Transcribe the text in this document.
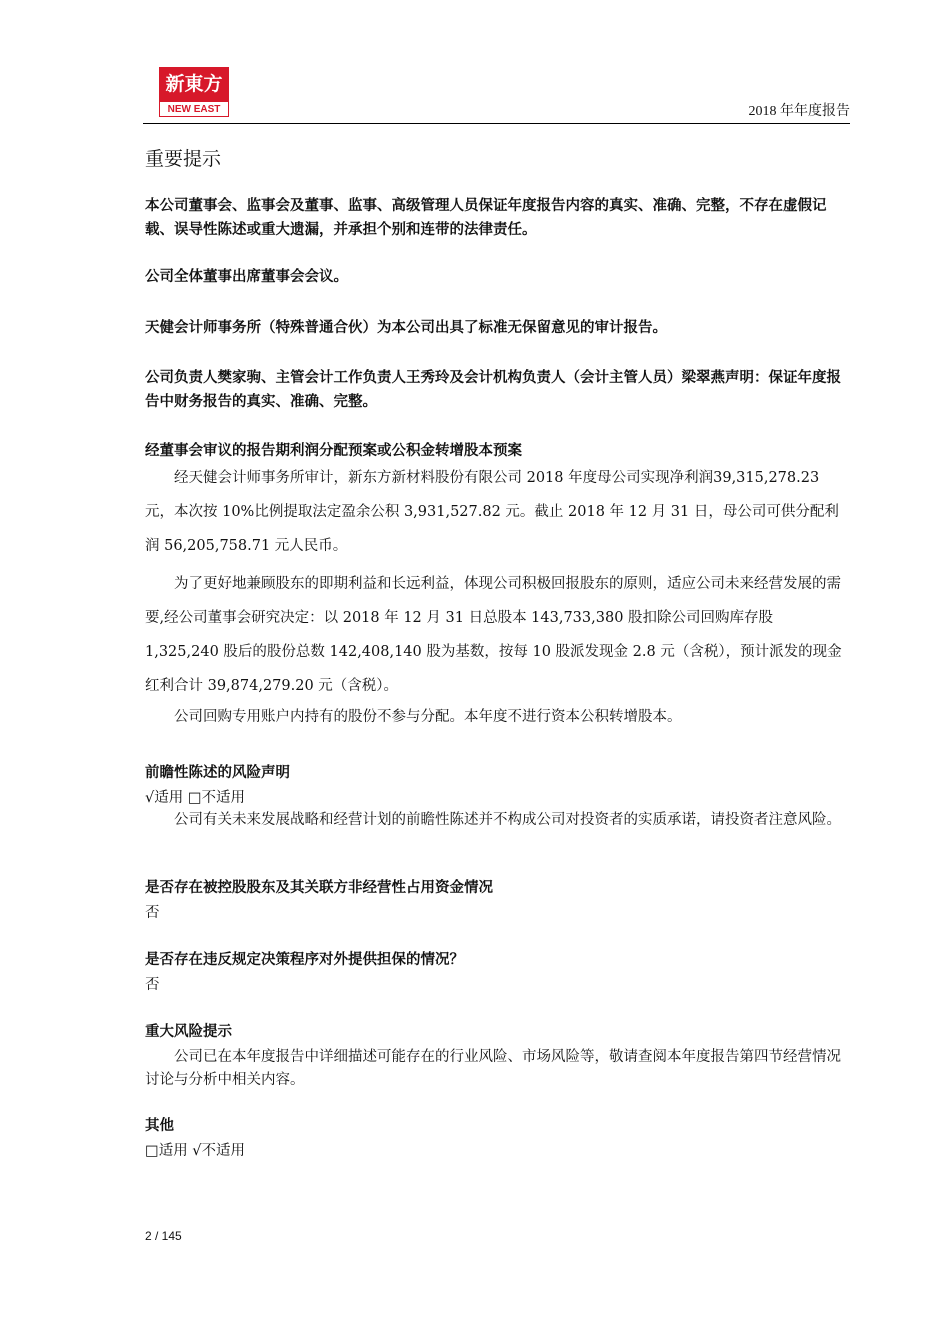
新東方
NEW EAST	2018 年年度报告
重要提示
本公司董事会、监事会及董事、监事、高级管理人员保证年度报告内容的真实、准确、完整，不存在虚假记载、误导性陈述或重大遗漏，并承担个别和连带的法律责任。
公司全体董事出席董事会会议。
天健会计师事务所（特殊普通合伙）为本公司出具了标准无保留意见的审计报告。
公司负责人樊家驹、主管会计工作负责人王秀玲及会计机构负责人（会计主管人员）梁翠燕声明：保证年度报告中财务报告的真实、准确、完整。
经董事会审议的报告期利润分配预案或公积金转增股本预案
经天健会计师事务所审计，新东方新材料股份有限公司 2018 年度母公司实现净利润39,315,278.23 元，本次按 10%比例提取法定盈余公积 3,931,527.82 元。截止 2018 年 12 月 31 日，母公司可供分配利润 56,205,758.71 元人民币。
为了更好地兼顾股东的即期利益和长远利益，体现公司积极回报股东的原则，适应公司未来经营发展的需要,经公司董事会研究决定：以 2018 年 12 月 31 日总股本 143,733,380 股扣除公司回购库存股 1,325,240 股后的股份总数 142,408,140 股为基数，按每 10 股派发现金 2.8 元（含税），预计派发的现金红利合计 39,874,279.20 元（含税）。
公司回购专用账户内持有的股份不参与分配。本年度不进行资本公积转增股本。
前瞻性陈述的风险声明
√适用 □不适用
公司有关未来发展战略和经营计划的前瞻性陈述并不构成公司对投资者的实质承诺，请投资者注意风险。
是否存在被控股股东及其关联方非经营性占用资金情况
否
是否存在违反规定决策程序对外提供担保的情况？
否
重大风险提示
公司已在本年度报告中详细描述可能存在的行业风险、市场风险等，敬请查阅本年度报告第四节经营情况讨论与分析中相关内容。
其他
□适用 √不适用
2 / 145
